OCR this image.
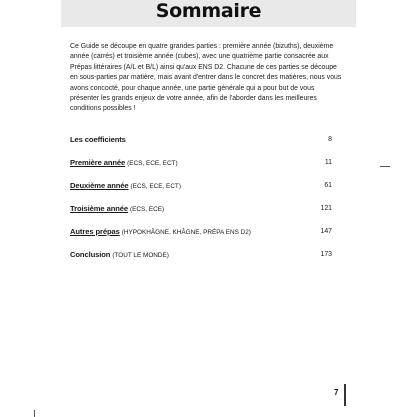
Sommaire

Ce Guide se découpe en quatre grandes parties : première année (bizuths), deuxième année (carrés) et troisième année (cubes), avec une quatrième partie consacrée aux Prépas littéraires (A/L et B/L) ainsi qu'aux ENS D2. Chacune de ces parties se découpe en sous-parties par matière, mais avant d'entrer dans le concret des matières, nous vous avons concocté, pour chaque année, une partie générale qui a pour but de vous présenter les grands enjeux de votre année, afin de l'aborder dans les meilleures conditions possibles !

Les coefficients	8
Première année (ECS, ECE, ECT)	11
Deuxième année (ECS, ECE, ECT)	61
Troisième année (ECS, ECE)	121
Autres prépas (HYPOKHÂGNE, KHÂGNE, PRÉPA ENS D2)	147
Conclusion (TOUT LE MONDE)	173
7
